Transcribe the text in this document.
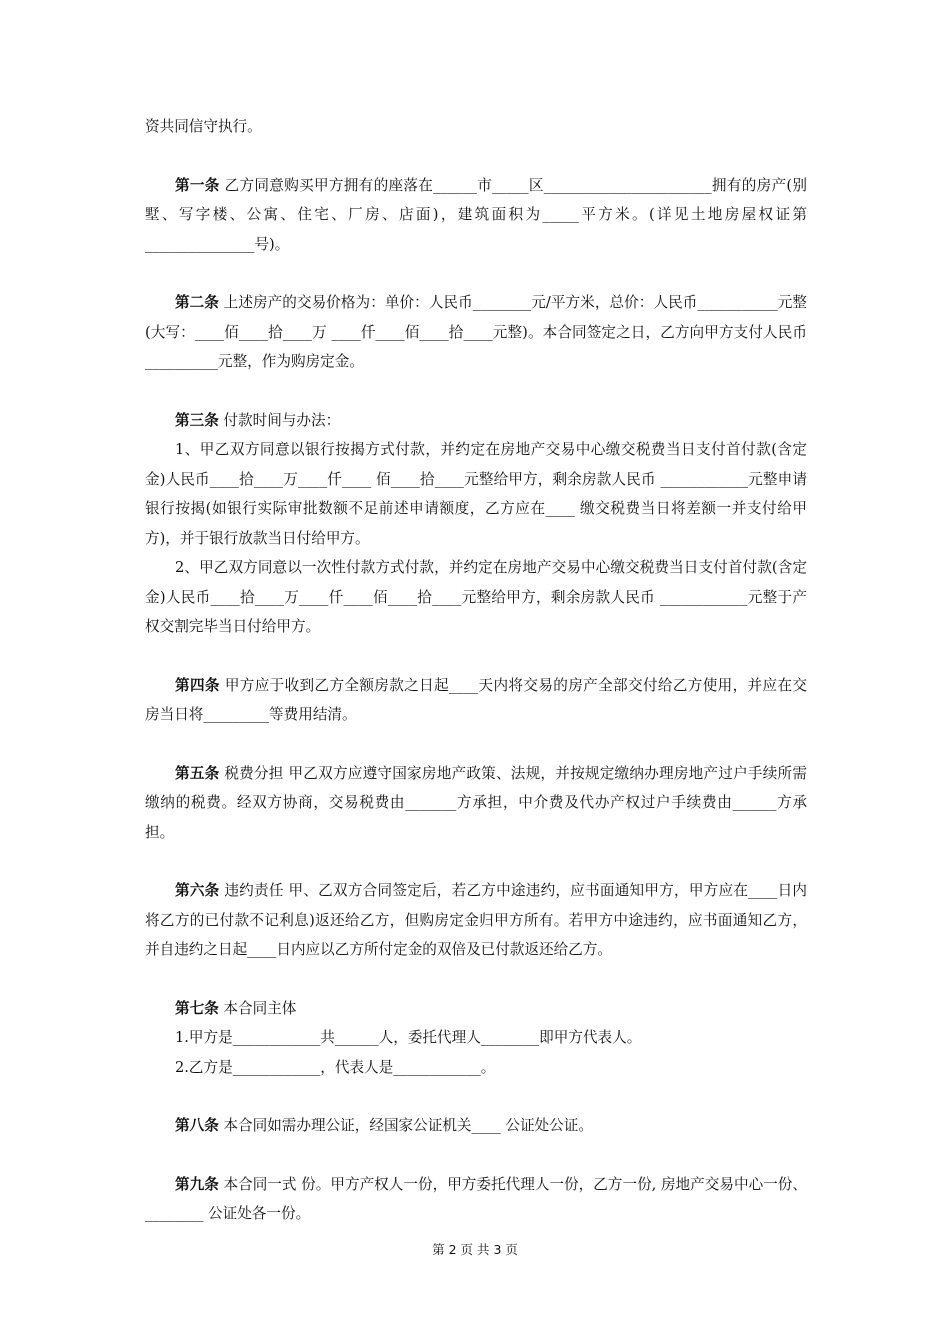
资共同信守执行。

第一条 乙方同意购买甲方拥有的座落在______市_____区_______________________拥有的房产(别墅、写字楼、公寓、住宅、厂房、店面)，建筑面积为_____平方米。(详见土地房屋权证第_______________号)。

第二条 上述房产的交易价格为：单价：人民币________元/平方米，总价：人民币___________元整(大写：____佰____拾____万 ____仟____佰____拾____元整)。本合同签定之日，乙方向甲方支付人民币 __________元整，作为购房定金。

第三条 付款时间与办法：

1、甲乙双方同意以银行按揭方式付款，并约定在房地产交易中心缴交税费当日支付首付款(含定金)人民币____拾____万____仟____ 佰____拾____元整给甲方，剩余房款人民币 ____________元整申请银行按揭(如银行实际审批数额不足前述申请额度，乙方应在____ 缴交税费当日将差额一并支付给甲方)，并于银行放款当日付给甲方。

2、甲乙双方同意以一次性付款方式付款，并约定在房地产交易中心缴交税费当日支付首付款(含定金)人民币____拾____万____仟____佰____拾____元整给甲方，剩余房款人民币 ____________元整于产权交割完毕当日付给甲方。

第四条 甲方应于收到乙方全额房款之日起____天内将交易的房产全部交付给乙方使用，并应在交房当日将_________等费用结清。

第五条 税费分担 甲乙双方应遵守国家房地产政策、法规，并按规定缴纳办理房地产过户手续所需缴纳的税费。经双方协商，交易税费由_______方承担，中介费及代办产权过户手续费由______方承担。

第六条 违约责任 甲、乙双方合同签定后，若乙方中途违约，应书面通知甲方，甲方应在____日内将乙方的已付款不记利息)返还给乙方，但购房定金归甲方所有。若甲方中途违约，应书面通知乙方，并自违约之日起____日内应以乙方所付定金的双倍及已付款返还给乙方。

第七条 本合同主体

1.甲方是____________共______人，委托代理人________即甲方代表人。

2.乙方是____________，代表人是____________。

第八条 本合同如需办理公证，经国家公证机关____ 公证处公证。

第九条 本合同一式 份。甲方产权人一份，甲方委托代理人一份，乙方一份, 房地产交易中心一份、________ 公证处各一份。

第 2 页 共 3 页
